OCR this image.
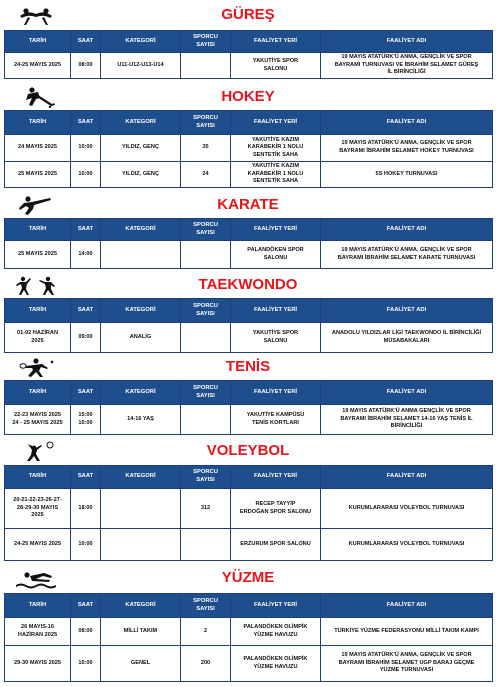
GÜREŞ
TARİH	SAAT	KATEGORİ	SPORCU
SAYISI	FAALİYET YERİ	FAALİYET ADI
24-25 MAYIS 2025	08:00	U11-U12-U13-U14		YAKUTİYE SPOR
SALONU	19 MAYIS ATATÜRK'Ü ANMA, GENÇLİK VE SPOR
BAYRAMI TURNUVASI VE İBRAHİM SELAMET GÜREŞ
İL BİRİNCİLİĞİ
HOKEY
TARİH	SAAT	KATEGORİ	SPORCU
SAYISI	FAALİYET YERİ	FAALİYET ADI
24 MAYIS 2025	10:00	YILDIZ, GENÇ	35	YAKUTİYE KAZIM
KARABEKİR 1 NOLU
SENTETİK SAHA	19 MAYIS ATATÜRK'Ü ANMA, GENÇLİK VE SPOR
BAYRAMI İBRAHİM SELAMET HOKEY TURNUVASI
25 MAYIS 2025	10:00	YILDIZ, GENÇ	24	YAKUTİYE KAZIM
KARABEKİR 1 NOLU
SENTETİK SAHA	5S HOKEY TURNUVASI
KARATE
TARİH	SAAT	KATEGORİ	SPORCU
SAYISI	FAALİYET YERİ	FAALİYET ADI
25 MAYIS 2025	14:00			PALANDÖKEN SPOR
SALONU	19 MAYIS ATATÜRK'Ü ANMA, GENÇLİK VE SPOR
BAYRAMI İBRAHİM SELAMET KARATE TURNUVASI
TAEKWONDO
TARİH	SAAT	KATEGORİ	SPORCU
SAYISI	FAALİYET YERİ	FAALİYET ADI
01-02 HAZİRAN
2025	09:00	ANALİG		YAKUTİYE SPOR
SALONU	ANADOLU YILDIZLAR LİGİ TAEKWONDO İL BİRİNCİLİĞİ
MÜSABAKALARI
TENİS
TARİH	SAAT	KATEGORİ	SPORCU
SAYISI	FAALİYET YERİ	FAALİYET ADI
22-23 MAYIS 2025
24 - 25 MAYIS 2025	15:00
10:00	14-16 YAŞ		YAKUTİYE KAMPÜSÜ
TENİS KORTLARI	19 MAYIS ATATÜRK'Ü ANMA GENÇLİK VE SPOR
BAYRAMI İBRAHİM SELAMET 14-16 YAŞ TENİS İL
BİRİNCİLİĞİ
VOLEYBOL
TARİH	SAAT	KATEGORİ	SPORCU
SAYISI	FAALİYET YERİ	FAALİYET ADI
20-21-22-23-26-27-
28-29-30 MAYIS
2025	18:00		312	RECEP TAYYİP
ERDOĞAN SPOR SALONU	KURUMLARARASI VOLEYBOL TURNUVASI
24-25 MAYIS 2025	10:00			ERZURUM SPOR SALONU	KURUMLARARASI VOLEYBOL TURNUVASI
YÜZME
TARİH	SAAT	KATEGORİ	SPORCU
SAYISI	FAALİYET YERİ	FAALİYET ADI
26 MAYIS-16
HAZİRAN 2025	08:00	MİLLİ TAKIM	2	PALANDÖKEN OLİMPİK
YÜZME HAVUZU	TÜRKİYE YÜZME FEDERASYONU MİLLİ TAKIM KAMPI
29-30 MAYIS 2025	10:00	GENEL	200	PALANDÖKEN OLİMPİK
YÜZME HAVUZU	19 MAYIS ATATÜRK'Ü ANMA, GENÇLİK VE SPOR
BAYRAMI İBRAHİM SELAMET UGP BARAJ GEÇME
YÜZME TURNUVASI
